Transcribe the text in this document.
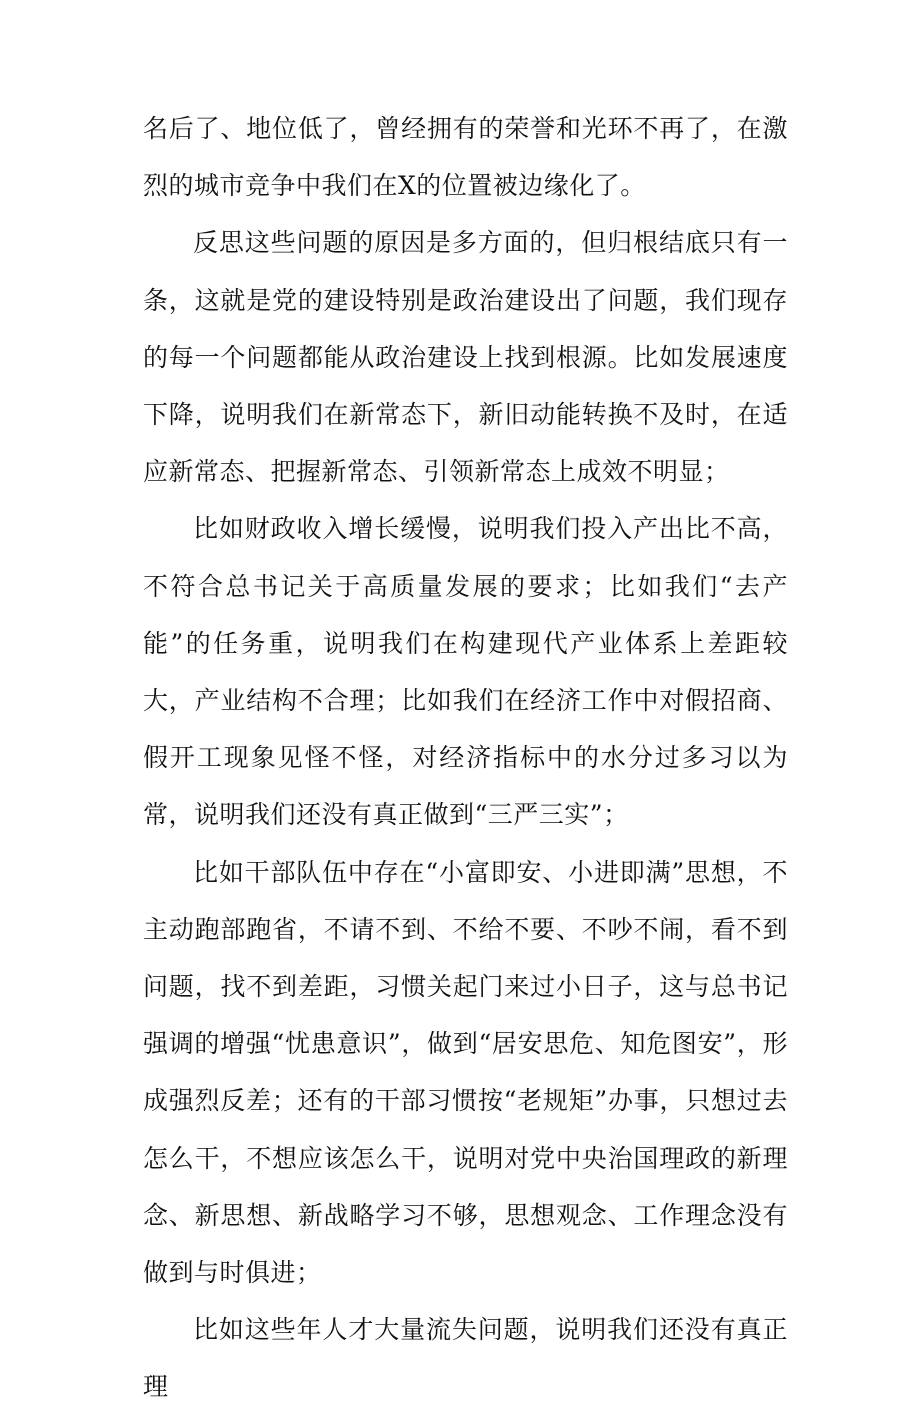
名后了、地位低了，曾经拥有的荣誉和光环不再了，在激烈的城市竞争中我们在X的位置被边缘化了。

反思这些问题的原因是多方面的，但归根结底只有一条，这就是党的建设特别是政治建设出了问题，我们现存的每一个问题都能从政治建设上找到根源。比如发展速度下降，说明我们在新常态下，新旧动能转换不及时，在适应新常态、把握新常态、引领新常态上成效不明显；

比如财政收入增长缓慢，说明我们投入产出比不高，不符合总书记关于高质量发展的要求；比如我们“去产能”的任务重，说明我们在构建现代产业体系上差距较大，产业结构不合理；比如我们在经济工作中对假招商、假开工现象见怪不怪，对经济指标中的水分过多习以为常，说明我们还没有真正做到“三严三实”；

比如干部队伍中存在“小富即安、小进即满”思想，不主动跑部跑省，不请不到、不给不要、不吵不闹，看不到问题，找不到差距，习惯关起门来过小日子，这与总书记强调的增强“忧患意识”，做到“居安思危、知危图安”，形成强烈反差；还有的干部习惯按“老规矩”办事，只想过去怎么干，不想应该怎么干，说明对党中央治国理政的新理念、新思想、新战略学习不够，思想观念、工作理念没有做到与时俱进；

比如这些年人才大量流失问题，说明我们还没有真正理
